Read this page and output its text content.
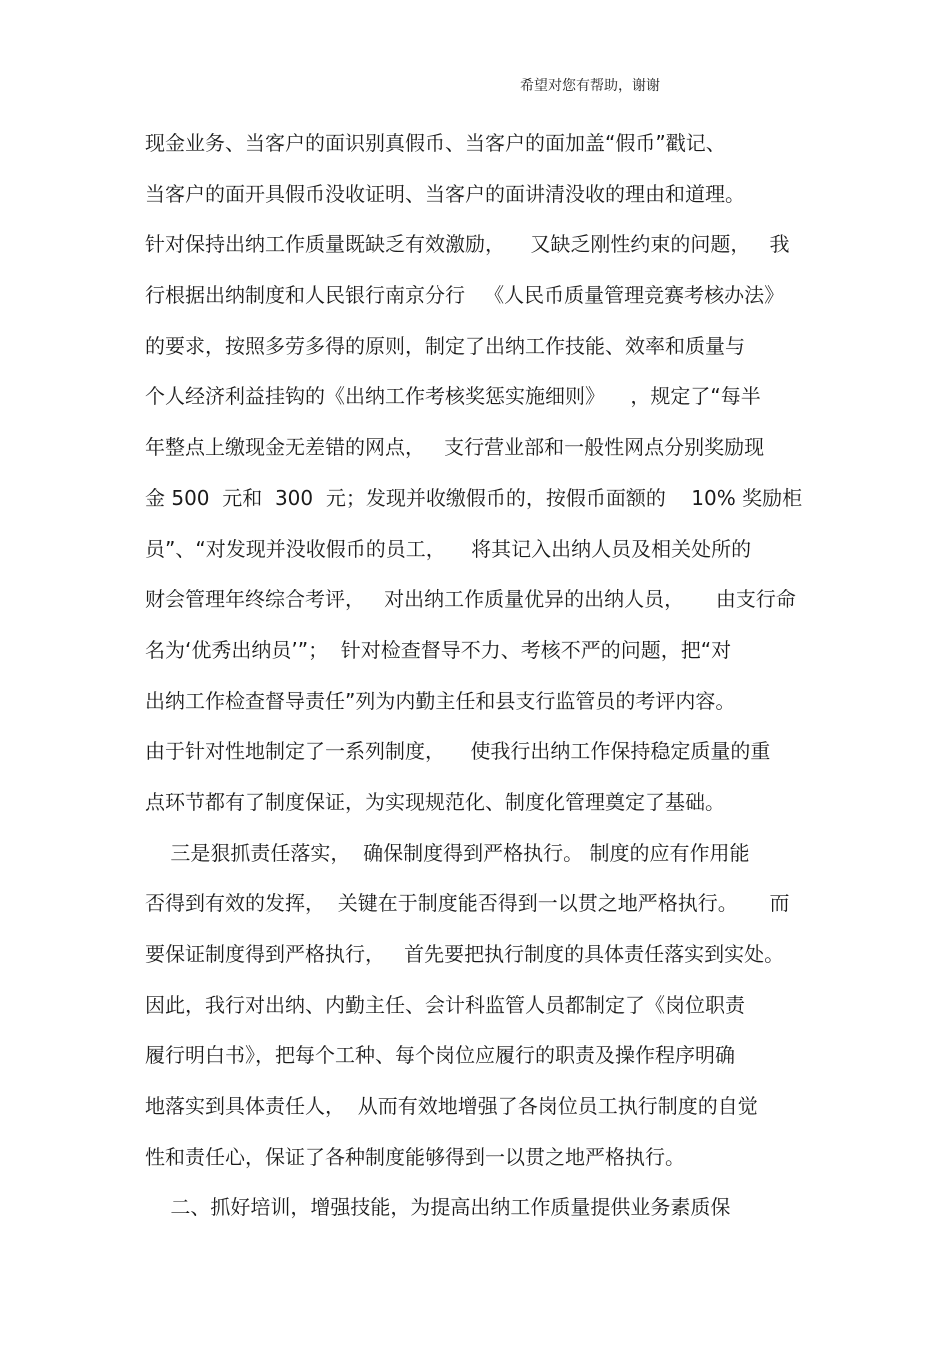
希望对您有帮助，谢谢
现金业务、当客户的面识别真假币、当客户的面加盖“假币”戳记、
当客户的面开具假币没收证明、当客户的面讲清没收的理由和道理。
针对保持出纳工作质量既缺乏有效激励，    又缺乏刚性约束的问题，   我
行根据出纳制度和人民银行南京分行   《人民币质量管理竞赛考核办法》
的要求，按照多劳多得的原则，制定了出纳工作技能、效率和质量与
个人经济利益挂钩的《出纳工作考核奖惩实施细则》    ，规定了“每半
年整点上缴现金无差错的网点，   支行营业部和一般性网点分别奖励现
金 500  元和  300  元；发现并收缴假币的，按假币面额的    10% 奖励柜
员”、“对发现并没收假币的员工，    将其记入出纳人员及相关处所的
财会管理年终综合考评，   对出纳工作质量优异的出纳人员，     由支行命
名为‘优秀出纳员’”；  针对检查督导不力、考核不严的问题，把“对
出纳工作检查督导责任”列为内勤主任和县支行监管员的考评内容。
由于针对性地制定了一系列制度，    使我行出纳工作保持稳定质量的重
点环节都有了制度保证，为实现规范化、制度化管理奠定了基础。
三是狠抓责任落实，  确保制度得到严格执行。 制度的应有作用能
否得到有效的发挥，  关键在于制度能否得到一以贯之地严格执行。     而
要保证制度得到严格执行，   首先要把执行制度的具体责任落实到实处。
因此，我行对出纳、内勤主任、会计科监管人员都制定了《岗位职责
履行明白书》，把每个工种、每个岗位应履行的职责及操作程序明确
地落实到具体责任人，  从而有效地增强了各岗位员工执行制度的自觉
性和责任心，保证了各种制度能够得到一以贯之地严格执行。
二、抓好培训，增强技能，为提高出纳工作质量提供业务素质保
